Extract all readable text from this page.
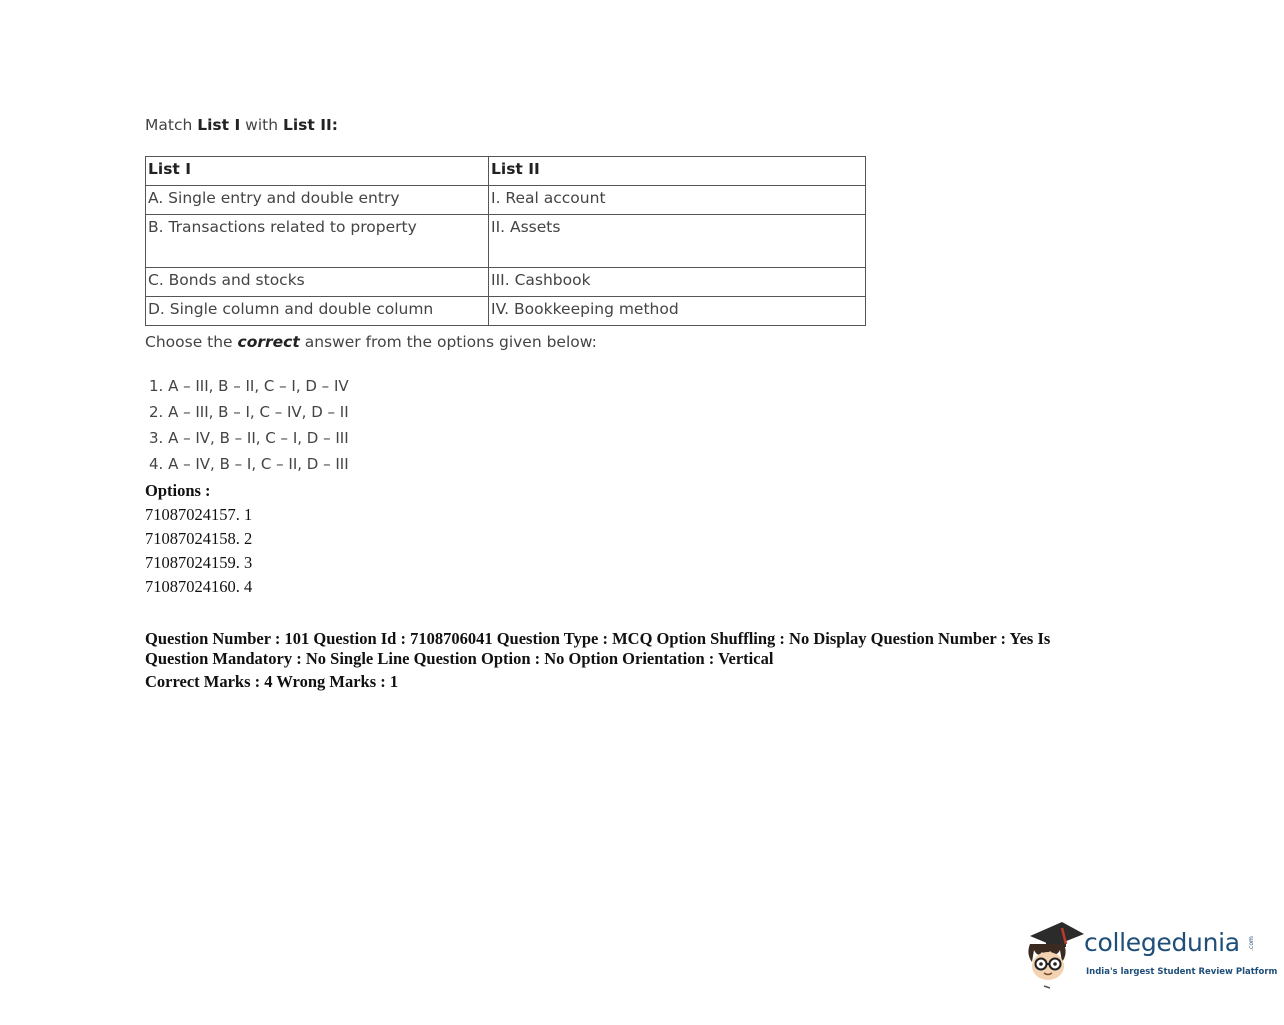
Match List I with List II:
List I	List II
A. Single entry and double entry	I. Real account
B. Transactions related to property	II. Assets
C. Bonds and stocks	III. Cashbook
D. Single column and double column	IV. Bookkeeping method
Choose the correct answer from the options given below:
1. A – III, B – II, C – I, D – IV
2. A – III, B – I, C – IV, D – II
3. A – IV, B – II, C – I, D – III
4. A – IV, B – I, C – II, D – III
Options :
71087024157. 1
71087024158. 2
71087024159. 3
71087024160. 4
Question Number : 101 Question Id : 7108706041 Question Type : MCQ Option Shuffling : No Display Question Number : Yes Is Question Mandatory : No Single Line Question Option : No Option Orientation : Vertical
Correct Marks : 4 Wrong Marks : 1
collegedunia .com
India's largest Student Review Platform
